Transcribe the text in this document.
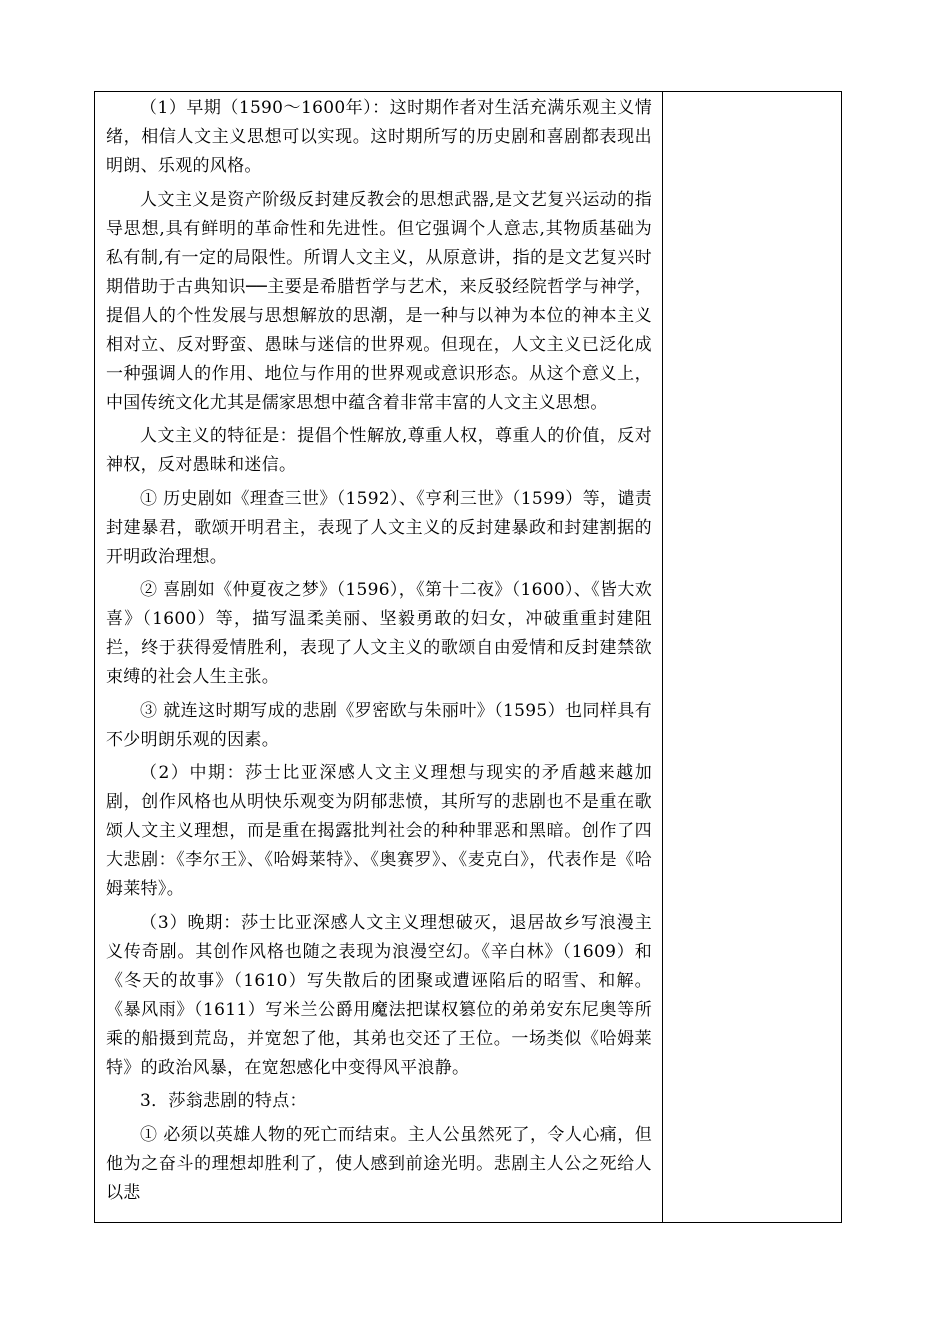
（1）早期（1590～1600年）：这时期作者对生活充满乐观主义情绪，相信人文主义思想可以实现。这时期所写的历史剧和喜剧都表现出明朗、乐观的风格。

人文主义是资产阶级反封建反教会的思想武器,是文艺复兴运动的指导思想,具有鲜明的革命性和先进性。但它强调个人意志,其物质基础为私有制,有一定的局限性。所谓人文主义，从原意讲，指的是文艺复兴时期借助于古典知识──主要是希腊哲学与艺术，来反驳经院哲学与神学，提倡人的个性发展与思想解放的思潮，是一种与以神为本位的神本主义相对立、反对野蛮、愚昧与迷信的世界观。但现在，人文主义已泛化成一种强调人的作用、地位与作用的世界观或意识形态。从这个意义上，中国传统文化尤其是儒家思想中蕴含着非常丰富的人文主义思想。

人文主义的特征是：提倡个性解放,尊重人权，尊重人的价值，反对神权，反对愚昧和迷信。

① 历史剧如《理查三世》（1592）、《亨利三世》（1599）等，谴责封建暴君，歌颂开明君主，表现了人文主义的反封建暴政和封建割据的开明政治理想。

② 喜剧如《仲夏夜之梦》（1596），《第十二夜》（1600）、《皆大欢喜》（1600）等，描写温柔美丽、坚毅勇敢的妇女，冲破重重封建阻拦，终于获得爱情胜利，表现了人文主义的歌颂自由爱情和反封建禁欲束缚的社会人生主张。

③ 就连这时期写成的悲剧《罗密欧与朱丽叶》（1595）也同样具有不少明朗乐观的因素。

（2）中期：莎士比亚深感人文主义理想与现实的矛盾越来越加剧，创作风格也从明快乐观变为阴郁悲愤，其所写的悲剧也不是重在歌颂人文主义理想，而是重在揭露批判社会的种种罪恶和黑暗。创作了四大悲剧：《李尔王》、《哈姆莱特》、《奥赛罗》、《麦克白》，代表作是《哈姆莱特》。

（3）晚期：莎士比亚深感人文主义理想破灭，退居故乡写浪漫主义传奇剧。其创作风格也随之表现为浪漫空幻。《辛白林》（1609）和《冬天的故事》（1610）写失散后的团聚或遭诬陷后的昭雪、和解。《暴风雨》（1611）写米兰公爵用魔法把谋权篡位的弟弟安东尼奥等所乘的船摄到荒岛，并宽恕了他，其弟也交还了王位。一场类似《哈姆莱特》的政治风暴，在宽恕感化中变得风平浪静。

3．莎翁悲剧的特点：

① 必须以英雄人物的死亡而结束。主人公虽然死了，令人心痛，但他为之奋斗的理想却胜利了，使人感到前途光明。悲剧主人公之死给人以悲
